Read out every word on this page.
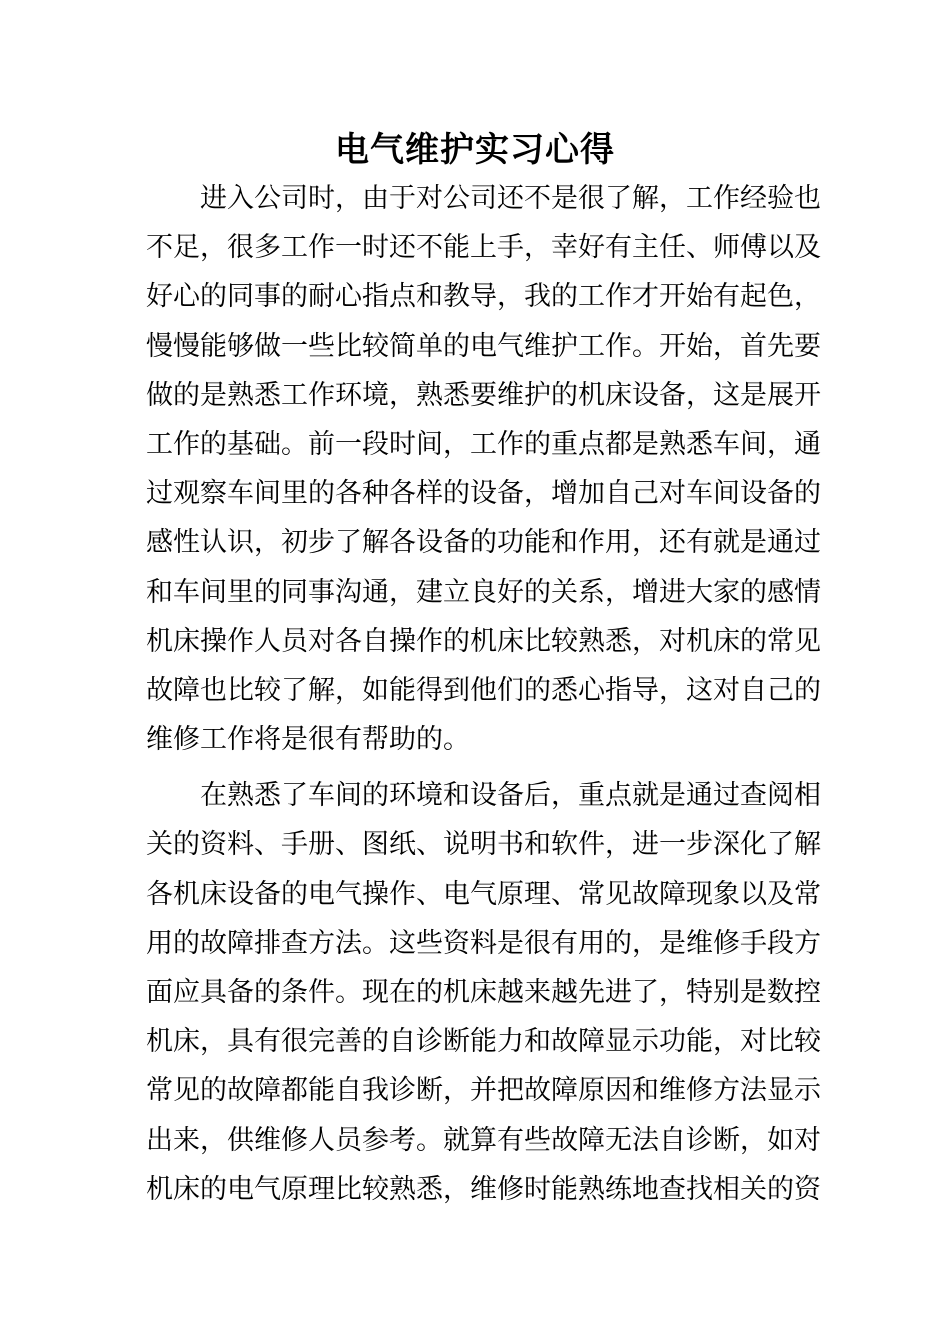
电气维护实习心得

　　进入公司时，由于对公司还不是很了解，工作经验也
不足，很多工作一时还不能上手，幸好有主任、师傅以及
好心的同事的耐心指点和教导，我的工作才开始有起色，
慢慢能够做一些比较简单的电气维护工作。开始，首先要
做的是熟悉工作环境，熟悉要维护的机床设备，这是展开
工作的基础。前一段时间，工作的重点都是熟悉车间，通
过观察车间里的各种各样的设备，增加自己对车间设备的
感性认识，初步了解各设备的功能和作用，还有就是通过
和车间里的同事沟通，建立良好的关系，增进大家的感情
机床操作人员对各自操作的机床比较熟悉，对机床的常见
故障也比较了解，如能得到他们的悉心指导，这对自己的
维修工作将是很有帮助的。

　　在熟悉了车间的环境和设备后，重点就是通过查阅相
关的资料、手册、图纸、说明书和软件，进一步深化了解
各机床设备的电气操作、电气原理、常见故障现象以及常
用的故障排查方法。这些资料是很有用的，是维修手段方
面应具备的条件。现在的机床越来越先进了，特别是数控
机床，具有很完善的自诊断能力和故障显示功能，对比较
常见的故障都能自我诊断，并把故障原因和维修方法显示
出来，供维修人员参考。就算有些故障无法自诊断，如对
机床的电气原理比较熟悉，维修时能熟练地查找相关的资
